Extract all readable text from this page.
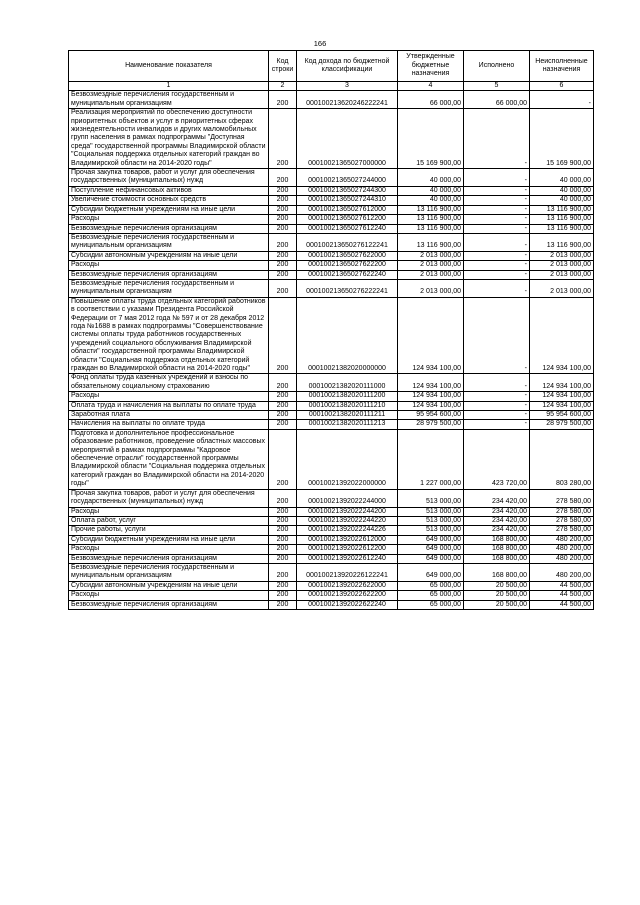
166
Наименование показателя	Код строки	Код дохода по бюджетной классификации	Утвержденные бюджетные назначения	Исполнено	Неисполненные назначения
1	2	3	4	5	6
Безвозмездные перечисления государственным и муниципальным организациям	200	000100213620246222241	66 000,00	66 000,00	-
Реализация мероприятий по обеспечению доступности приоритетных объектов и услуг в приоритетных сферах жизнедеятельности инвалидов и других маломобильных групп населения в рамках подпрограммы "Доступная среда" государственной программы Владимирской области "Социальная поддержка отдельных категорий граждан во Владимирской области на 2014-2020 годы"	200	00010021365027000000	15 169 900,00	-	15 169 900,00
Прочая закупка товаров, работ и услуг для обеспечения государственных (муниципальных) нужд	200	00010021365027244000	40 000,00	-	40 000,00
Поступление нефинансовых активов	200	00010021365027244300	40 000,00	-	40 000,00
Увеличение стоимости основных средств	200	00010021365027244310	40 000,00	-	40 000,00
Субсидии бюджетным учреждениям на иные цели	200	00010021365027612000	13 116 900,00	-	13 116 900,00
Расходы	200	00010021365027612200	13 116 900,00	-	13 116 900,00
Безвозмездные перечисления организациям	200	00010021365027612240	13 116 900,00	-	13 116 900,00
Безвозмездные перечисления государственным и муниципальным организациям	200	000100213650276122241	13 116 900,00	-	13 116 900,00
Субсидии автономным учреждениям на иные цели	200	00010021365027622000	2 013 000,00	-	2 013 000,00
Расходы	200	00010021365027622200	2 013 000,00	-	2 013 000,00
Безвозмездные перечисления организациям	200	00010021365027622240	2 013 000,00	-	2 013 000,00
Безвозмездные перечисления государственным и муниципальным организациям	200	000100213650276222241	2 013 000,00	-	2 013 000,00
Повышение оплаты труда отдельных категорий работников в соответствии с указами Президента Российской Федерации от 7 мая 2012 года № 597 и от 28 декабря 2012 года №1688 в рамках подпрограммы "Совершенствование системы оплаты труда работников государственных учреждений социального обслуживания Владимирской области" государственной программы Владимирской области "Социальная поддержка отдельных категорий граждан во Владимирской области на 2014-2020 годы"	200	00010021382020000000	124 934 100,00	-	124 934 100,00
Фонд оплаты труда казенных учреждений и взносы по обязательному социальному страхованию	200	00010021382020111000	124 934 100,00	-	124 934 100,00
Расходы	200	00010021382020111200	124 934 100,00	-	124 934 100,00
Оплата труда и начисления на выплаты по оплате труда	200	00010021382020111210	124 934 100,00	-	124 934 100,00
Заработная плата	200	00010021382020111211	95 954 600,00	-	95 954 600,00
Начисления на выплаты по оплате труда	200	00010021382020111213	28 979 500,00	-	28 979 500,00
Подготовка и дополнительное профессиональное образование работников, проведение областных массовых мероприятий в рамках подпрограммы "Кадровое обеспечение отрасли" государственной программы Владимирской области "Социальная поддержка отдельных категорий граждан во Владимирской области на 2014-2020 годы"	200	00010021392022000000	1 227 000,00	423 720,00	803 280,00
Прочая закупка товаров, работ и услуг для обеспечения государственных (муниципальных) нужд	200	00010021392022244000	513 000,00	234 420,00	278 580,00
Расходы	200	00010021392022244200	513 000,00	234 420,00	278 580,00
Оплата работ, услуг	200	00010021392022244220	513 000,00	234 420,00	278 580,00
Прочие работы, услуги	200	00010021392022244226	513 000,00	234 420,00	278 580,00
Субсидии бюджетным учреждениям на иные цели	200	00010021392022612000	649 000,00	168 800,00	480 200,00
Расходы	200	00010021392022612200	649 000,00	168 800,00	480 200,00
Безвозмездные перечисления организациям	200	00010021392022612240	649 000,00	168 800,00	480 200,00
Безвозмездные перечисления государственным и муниципальным организациям	200	000100213920226122241	649 000,00	168 800,00	480 200,00
Субсидии автономным учреждениям на иные цели	200	00010021392022622000	65 000,00	20 500,00	44 500,00
Расходы	200	00010021392022622200	65 000,00	20 500,00	44 500,00
Безвозмездные перечисления организациям	200	00010021392022622240	65 000,00	20 500,00	44 500,00
